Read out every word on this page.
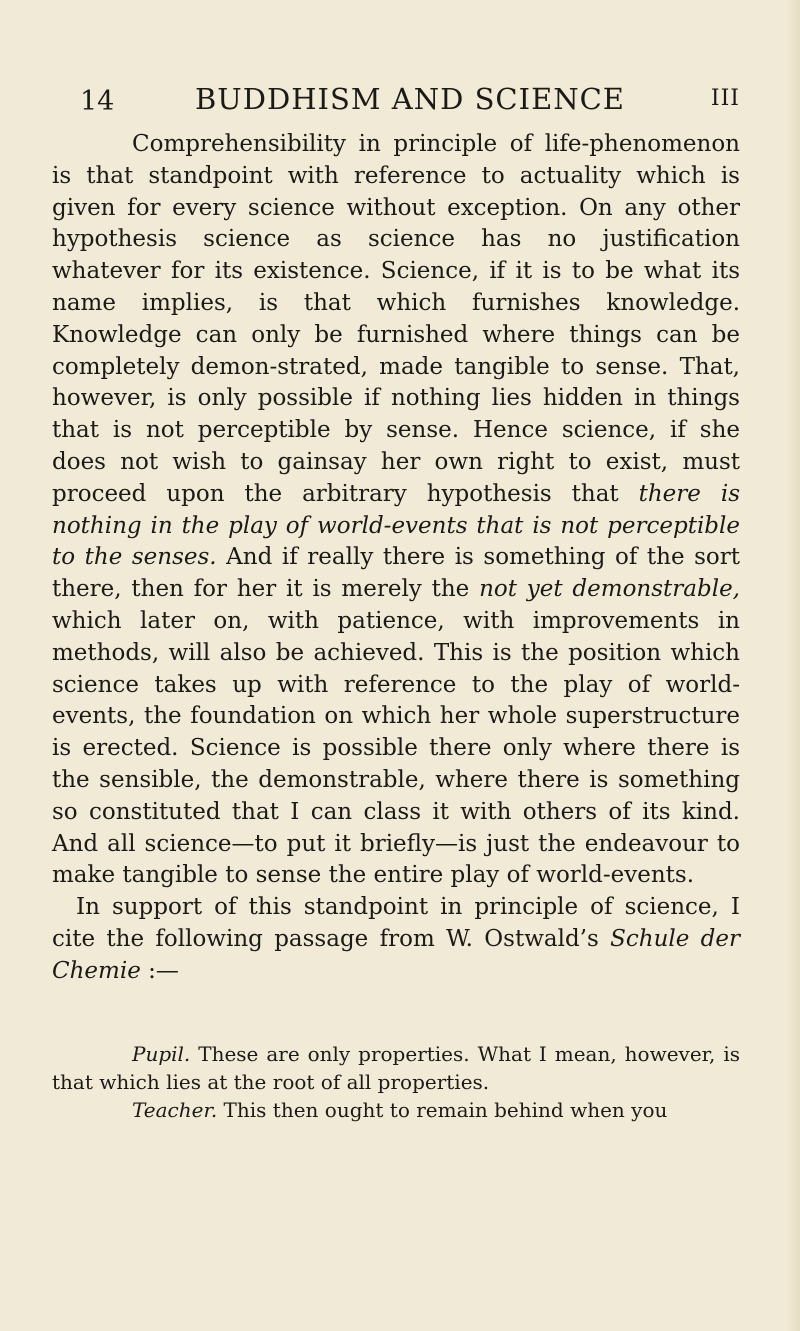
14	BUDDHISM AND SCIENCE	III

Comprehensibility in principle of life-phenomenon is that standpoint with reference to actuality which is given for every science without exception. On any other hypothesis science as science has no justification whatever for its existence. Science, if it is to be what its name implies, is that which furnishes knowledge. Knowledge can only be furnished where things can be completely demon-strated, made tangible to sense. That, however, is only possible if nothing lies hidden in things that is not perceptible by sense. Hence science, if she does not wish to gainsay her own right to exist, must proceed upon the arbitrary hypothesis that there is nothing in the play of world-events that is not perceptible to the senses. And if really there is something of the sort there, then for her it is merely the not yet demonstrable, which later on, with patience, with improvements in methods, will also be achieved. This is the position which science takes up with reference to the play of world-events, the foundation on which her whole superstructure is erected. Science is possible there only where there is the sensible, the demonstrable, where there is something so constituted that I can class it with others of its kind. And all science—to put it briefly—is just the endeavour to make tangible to sense the entire play of world-events.

In support of this standpoint in principle of science, I cite the following passage from W. Ostwald’s Schule der Chemie :—

Pupil. These are only properties. What I mean, however, is that which lies at the root of all properties.

Teacher. This then ought to remain behind when you
